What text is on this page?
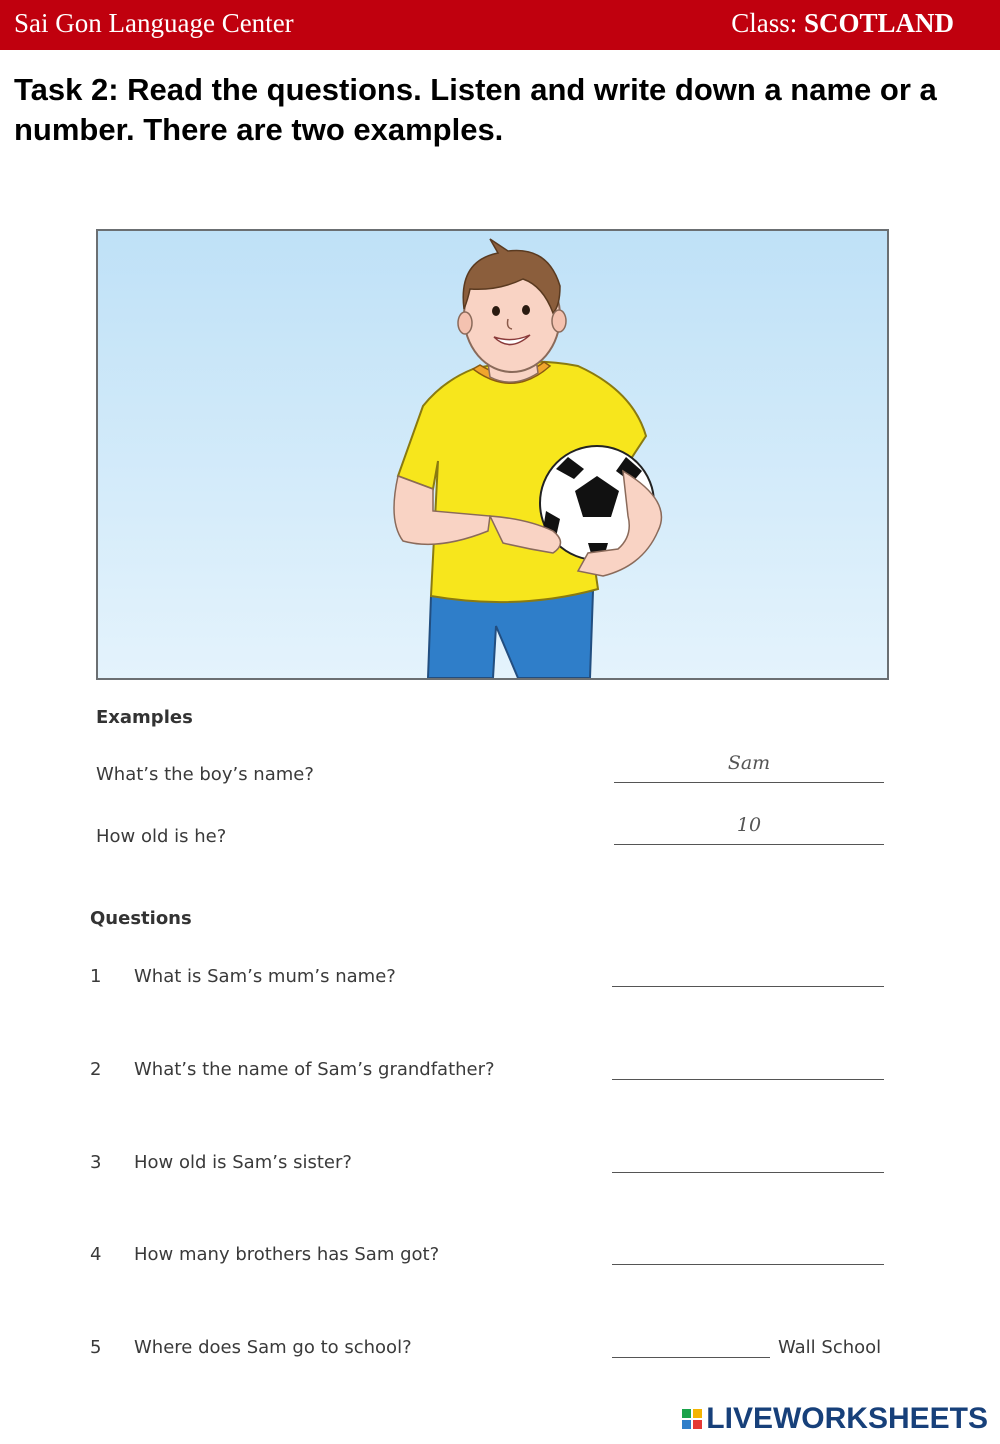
Sai Gon Language Center	Class: SCOTLAND
Task 2: Read the questions. Listen and write down a name or a number. There are two examples.
Examples
What’s the boy’s name?
Sam
How old is he?
10
Questions
1 What is Sam’s mum’s name?
2 What’s the name of Sam’s grandfather?
3 How old is Sam’s sister?
4 How many brothers has Sam got?
5 Where does Sam go to school?	Wall School
LIVEWORKSHEETS
